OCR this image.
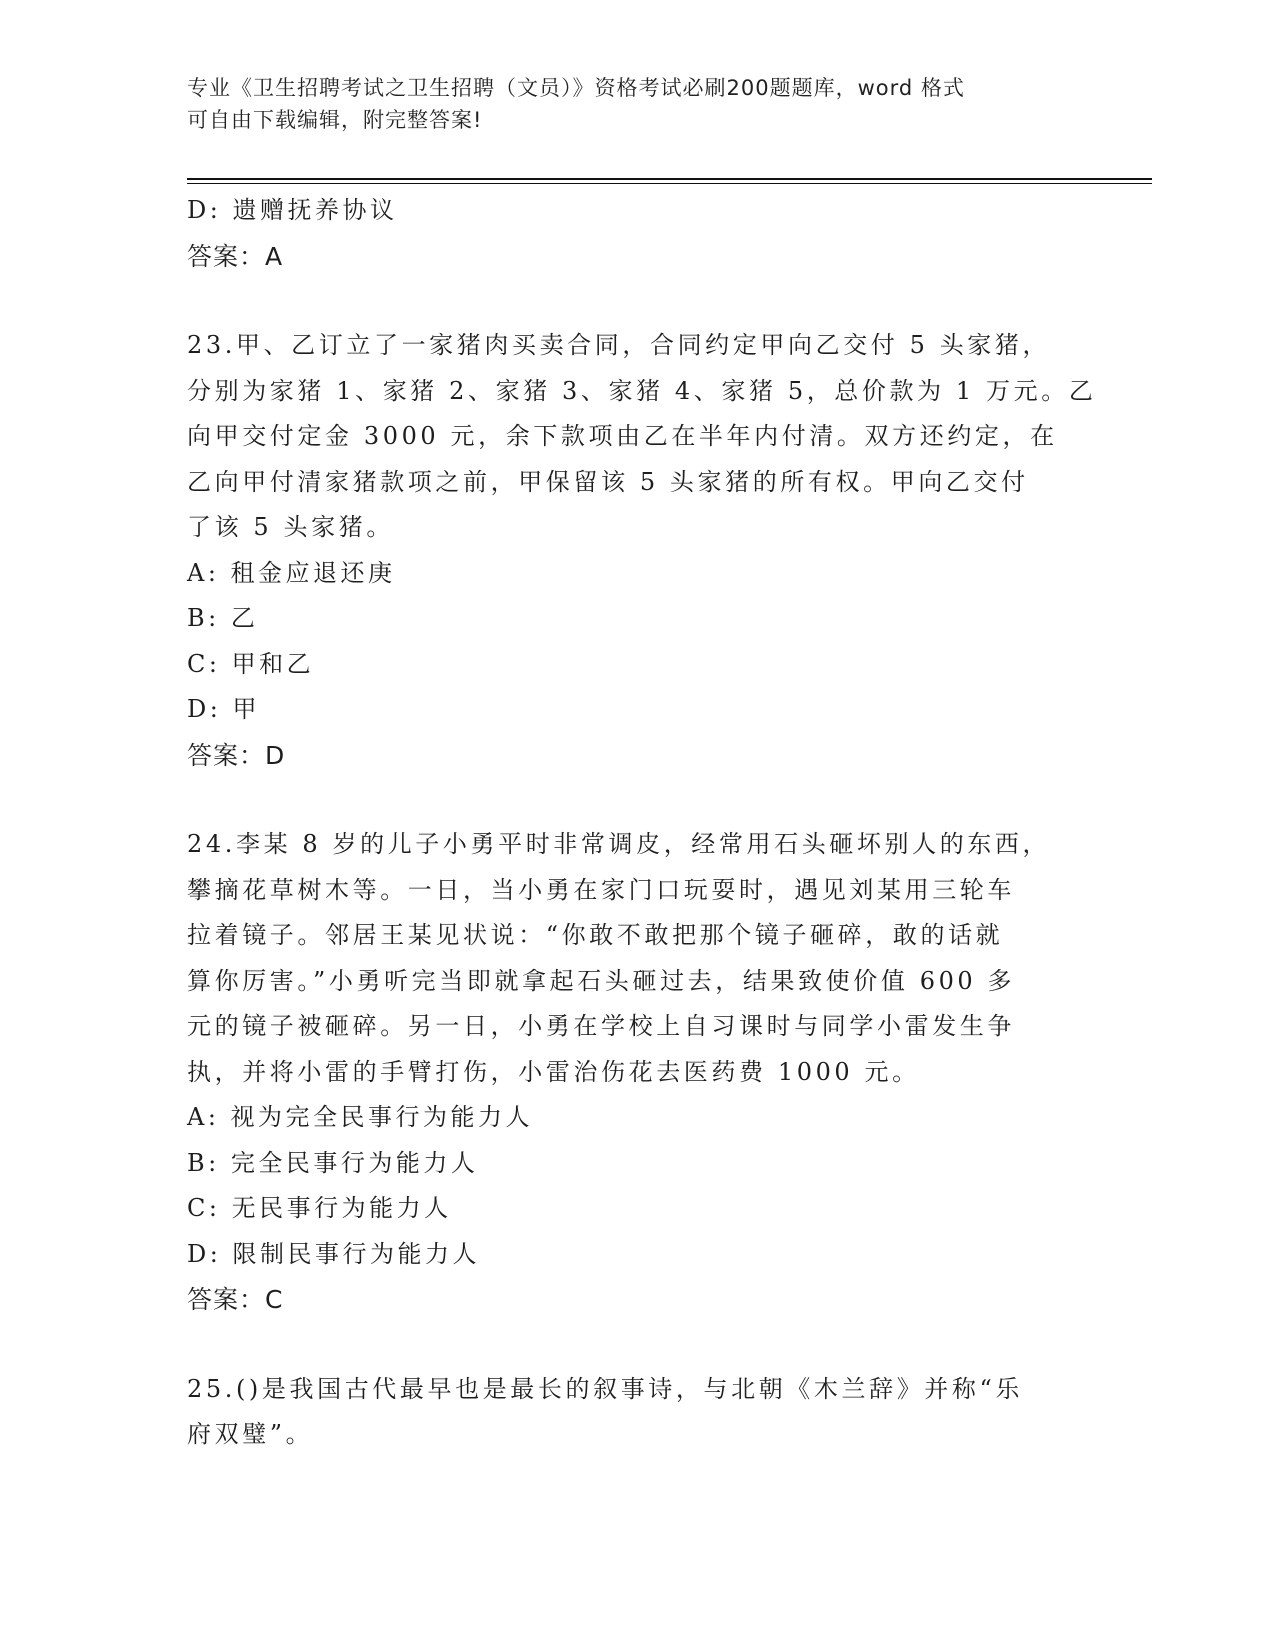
专业《卫生招聘考试之卫生招聘（文员）》资格考试必刷200题题库，word 格式
可自由下载编辑，附完整答案!
D: 遗赠抚养协议
答案：A
23.甲、乙订立了一家猪肉买卖合同，合同约定甲向乙交付 5 头家猪，
分别为家猪 1、家猪 2、家猪 3、家猪 4、家猪 5，总价款为 1 万元。乙
向甲交付定金 3000 元，余下款项由乙在半年内付清。双方还约定，在
乙向甲付清家猪款项之前，甲保留该 5 头家猪的所有权。甲向乙交付
了该 5 头家猪。
A: 租金应退还庚
B: 乙
C: 甲和乙
D: 甲
答案：D
24.李某 8 岁的儿子小勇平时非常调皮，经常用石头砸坏别人的东西，
攀摘花草树木等。一日，当小勇在家门口玩耍时，遇见刘某用三轮车
拉着镜子。邻居王某见状说：“你敢不敢把那个镜子砸碎，敢的话就
算你厉害。”小勇听完当即就拿起石头砸过去，结果致使价值 600 多
元的镜子被砸碎。另一日，小勇在学校上自习课时与同学小雷发生争
执，并将小雷的手臂打伤，小雷治伤花去医药费 1000 元。
A: 视为完全民事行为能力人
B: 完全民事行为能力人
C: 无民事行为能力人
D: 限制民事行为能力人
答案：C
25.()是我国古代最早也是最长的叙事诗，与北朝《木兰辞》并称“乐
府双璧”。
